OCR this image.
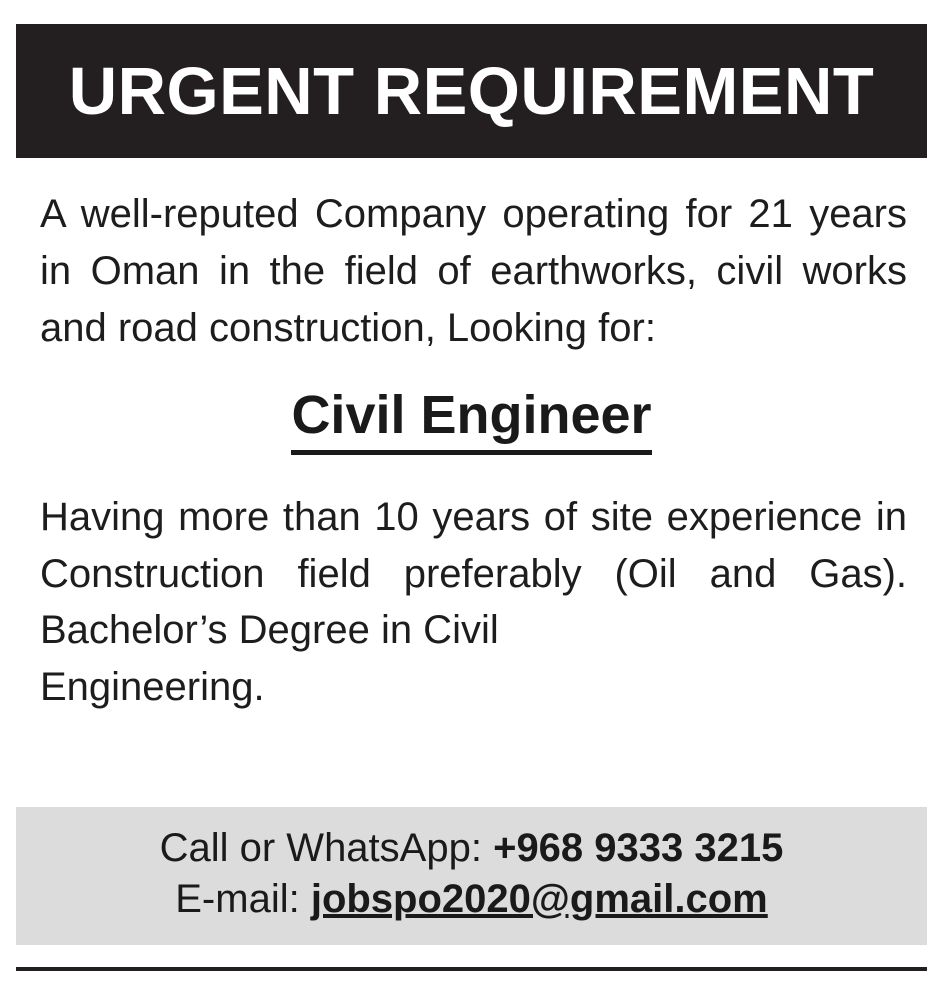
URGENT REQUIREMENT

A well-reputed Company operating for 21 years in Oman in the field of earthworks, civil works and road construction, Looking for:

Civil Engineer
Having more than 10 years of site experience in Construction field preferably (Oil and Gas). Bachelor’s Degree in Civil
Engineering.
Call or WhatsApp: +968 9333 3215
E-mail: jobspo2020@gmail.com
